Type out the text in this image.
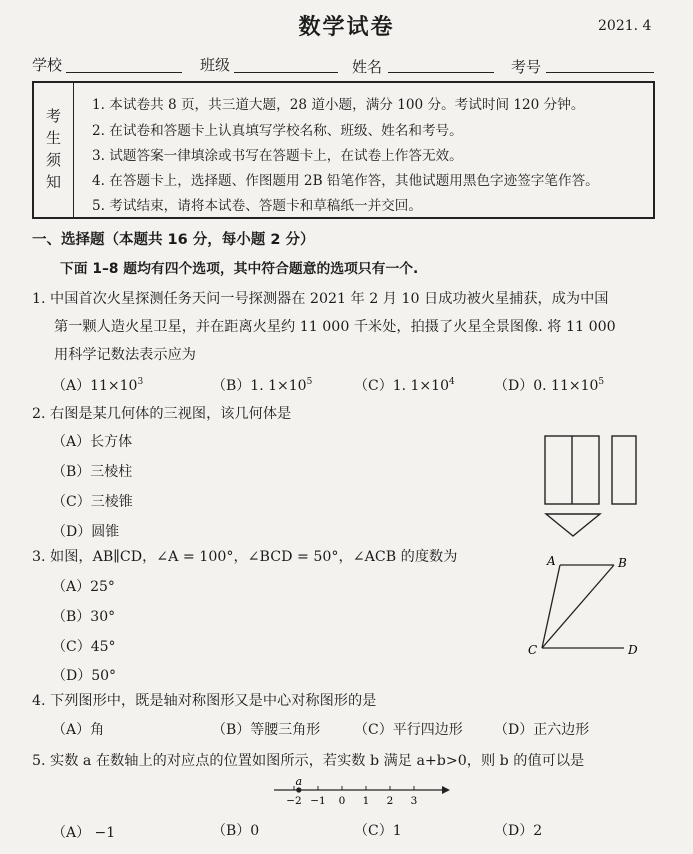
数学试卷	2021. 4
学校	班级	姓名	考号
考
生
须
知
1. 本试卷共 8 页，共三道大题，28 道小题，满分 100 分。考试时间 120 分钟。
2. 在试卷和答题卡上认真填写学校名称、班级、姓名和考号。
3. 试题答案一律填涂或书写在答题卡上，在试卷上作答无效。
4. 在答题卡上，选择题、作图题用 2B 铅笔作答，其他试题用黑色字迹签字笔作答。
5. 考试结束，请将本试卷、答题卡和草稿纸一并交回。
一、选择题（本题共 16 分，每小题 2 分）
下面 1–8 题均有四个选项，其中符合题意的选项只有一个.
1. 中国首次火星探测任务天问一号探测器在 2021 年 2 月 10 日成功被火星捕获，成为中国
第一颗人造火星卫星，并在距离火星约 11 000 千米处，拍摄了火星全景图像. 将 11 000
用科学记数法表示应为
$(A)11\times 10^3$	（B）1. $1\times 10^5$	（C）1. $1\times 10^4$	（D）0. $11\times 10^5$
2. 右图是某几何体的三视图，该几何体是
（A）长方体
（B）三棱柱
（C）三棱锥
（D）圆锥
3. 如图，AB∥CD，∠A = 100°，∠BCD = 50°，∠ACB 的度数为
（A）25°
（B）30°
（C）45°
（D）50°
A	B
C	D
4. 下列图形中，既是轴对称图形又是中心对称图形的是
（A）角	（B）等腰三角形 （C）平行四边形 （D）正六边形
5. 实数 a 在数轴上的对应点的位置如图所示，若实数 b 满足 a+b>0，则 b 的值可以是
−2 −1 0 1 2 3
a
（A） −1	（B）0	（C）1	（D）2
